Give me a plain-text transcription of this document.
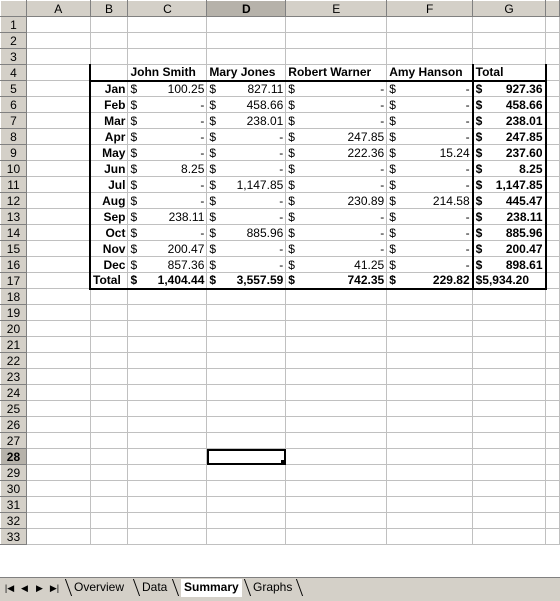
	A	B	C	D	E	F	G	
1								
2								
3								
4			John Smith	Mary Jones	Robert Warner	Amy Hanson	Total	
5		Jan	$ 100.25	$ 827.11	$ -	$ -	$ 927.36	

6		Feb	$ -	$ 458.66	$ -	$ -	$ 458.66	

7		Mar	$ -	$ 238.01	$ -	$ -	$ 238.01	

8		Apr	$ -	$ -	$ 247.85	$ -	$ 247.85	

9		May	$ -	$ -	$ 222.36	$ 15.24	$ 237.60	

10		Jun	$ 8.25	$ -	$ -	$ -	$ 8.25	

11		Jul	$ -	$ 1,147.85	$ -	$ -	$ 1,147.85	

12		Aug	$ -	$ -	$ 230.89	$ 214.58	$ 445.47	

13		Sep	$ 238.11	$ -	$ -	$ -	$ 238.11	

14		Oct	$ -	$ 885.96	$ -	$ -	$ 885.96	

15		Nov	$ 200.47	$ -	$ -	$ -	$ 200.47	

16		Dec	$ 857.36	$ -	$ 41.25	$ -	$ 898.61	

17		Total	$ 1,404.44	$ 3,557.59	$ 742.35	$ 229.82	$5,934.20	
18								
19								
20								
21								
22								
23								
24								
25								
26								
27								
28				

29								
30								
31								
32								
33								
|◀ ◀ ▶ ▶| Overview Data Summary Graphs
